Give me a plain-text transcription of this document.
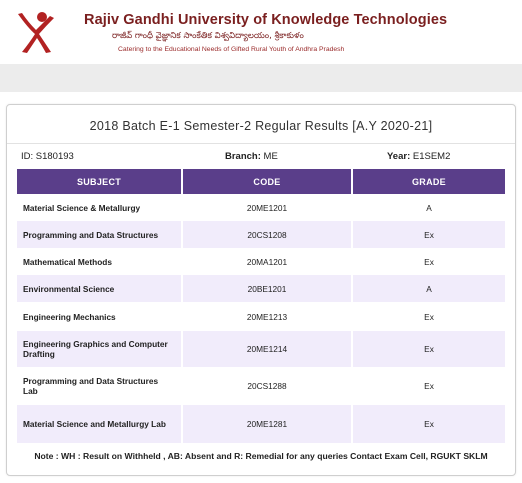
Rajiv Gandhi University of Knowledge Technologies
రాజీవ్ గాంధీ వైజ్ఞానిక సాంకేతిక విశ్వవిద్యాలయం, శ్రీకాకుళం
Catering to the Educational Needs of Gifted Rural Youth of Andhra Pradesh
2018 Batch E-1 Semester-2 Regular Results [A.Y 2020-21]
ID: S180193	Branch: ME	Year: E1SEM2
SUBJECT	CODE	GRADE
Material Science & Metallurgy	20ME1201	A
Programming and Data Structures	20CS1208	Ex
Mathematical Methods	20MA1201	Ex
Environmental Science	20BE1201	A
Engineering Mechanics	20ME1213	Ex
Engineering Graphics and Computer Drafting	20ME1214	Ex
Programming and Data Structures Lab	20CS1288	Ex
Material Science and Metallurgy Lab	20ME1281	Ex
Note : WH : Result on Withheld , AB: Absent and R: Remedial for any queries Contact Exam Cell, RGUKT SKLM
